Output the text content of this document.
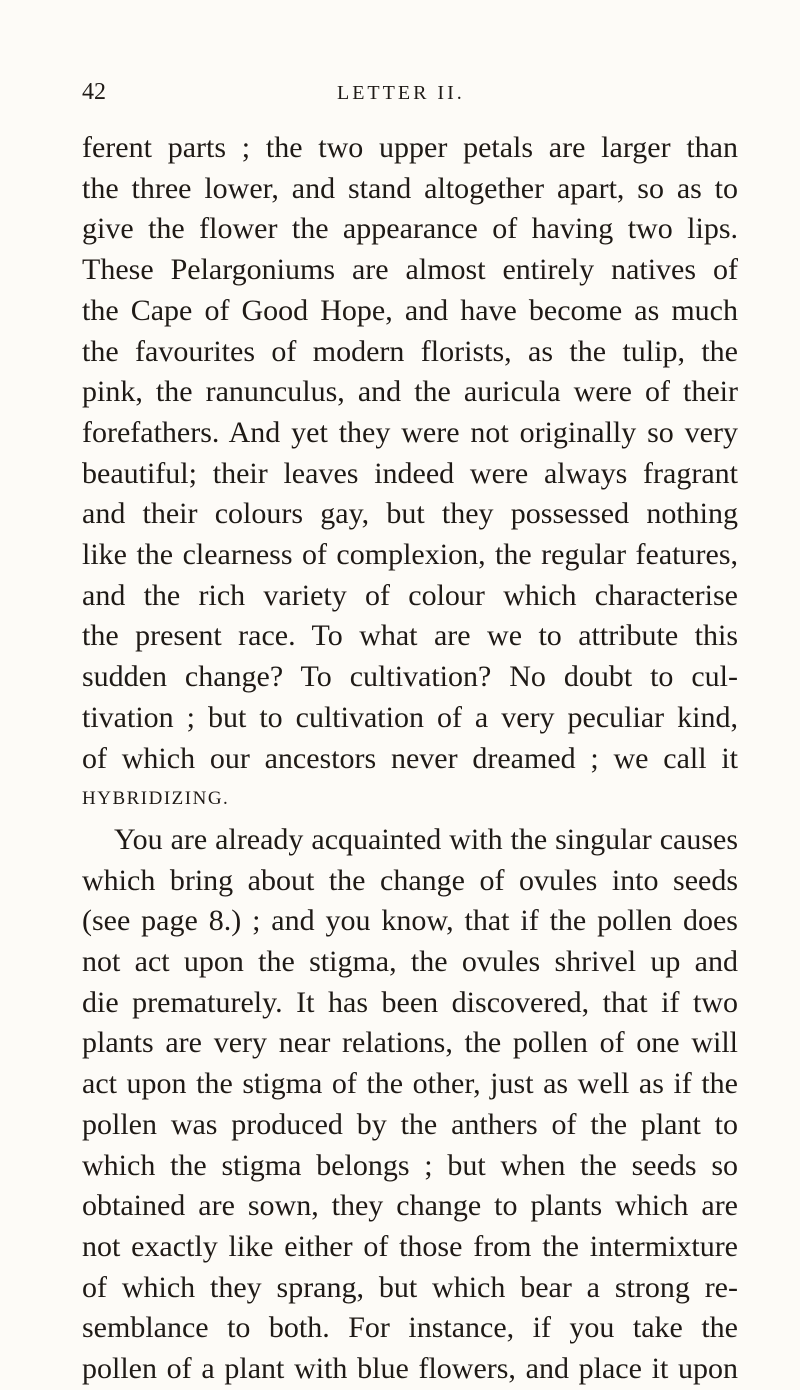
42	LETTER II.
ferent parts ; the two upper petals are larger than
the three lower, and stand altogether apart, so as to
give the flower the appearance of having two lips.
These Pelargoniums are almost entirely natives of
the Cape of Good Hope, and have become as much
the favourites of modern florists, as the tulip, the
pink, the ranunculus, and the auricula were of their
forefathers. And yet they were not originally so very
beautiful; their leaves indeed were always fragrant
and their colours gay, but they possessed nothing
like the clearness of complexion, the regular features,
and the rich variety of colour which characterise
the present race. To what are we to attribute this
sudden change? To cultivation? No doubt to cul-
tivation ; but to cultivation of a very peculiar kind,
of which our ancestors never dreamed ; we call it
HYBRIDIZING.
You are already acquainted with the singular causes
which bring about the change of ovules into seeds
(see page 8.) ; and you know, that if the pollen does
not act upon the stigma, the ovules shrivel up and
die prematurely. It has been discovered, that if two
plants are very near relations, the pollen of one will
act upon the stigma of the other, just as well as if the
pollen was produced by the anthers of the plant to
which the stigma belongs ; but when the seeds so
obtained are sown, they change to plants which are
not exactly like either of those from the intermixture
of which they sprang, but which bear a strong re-
semblance to both. For instance, if you take the
pollen of a plant with blue flowers, and place it upon
